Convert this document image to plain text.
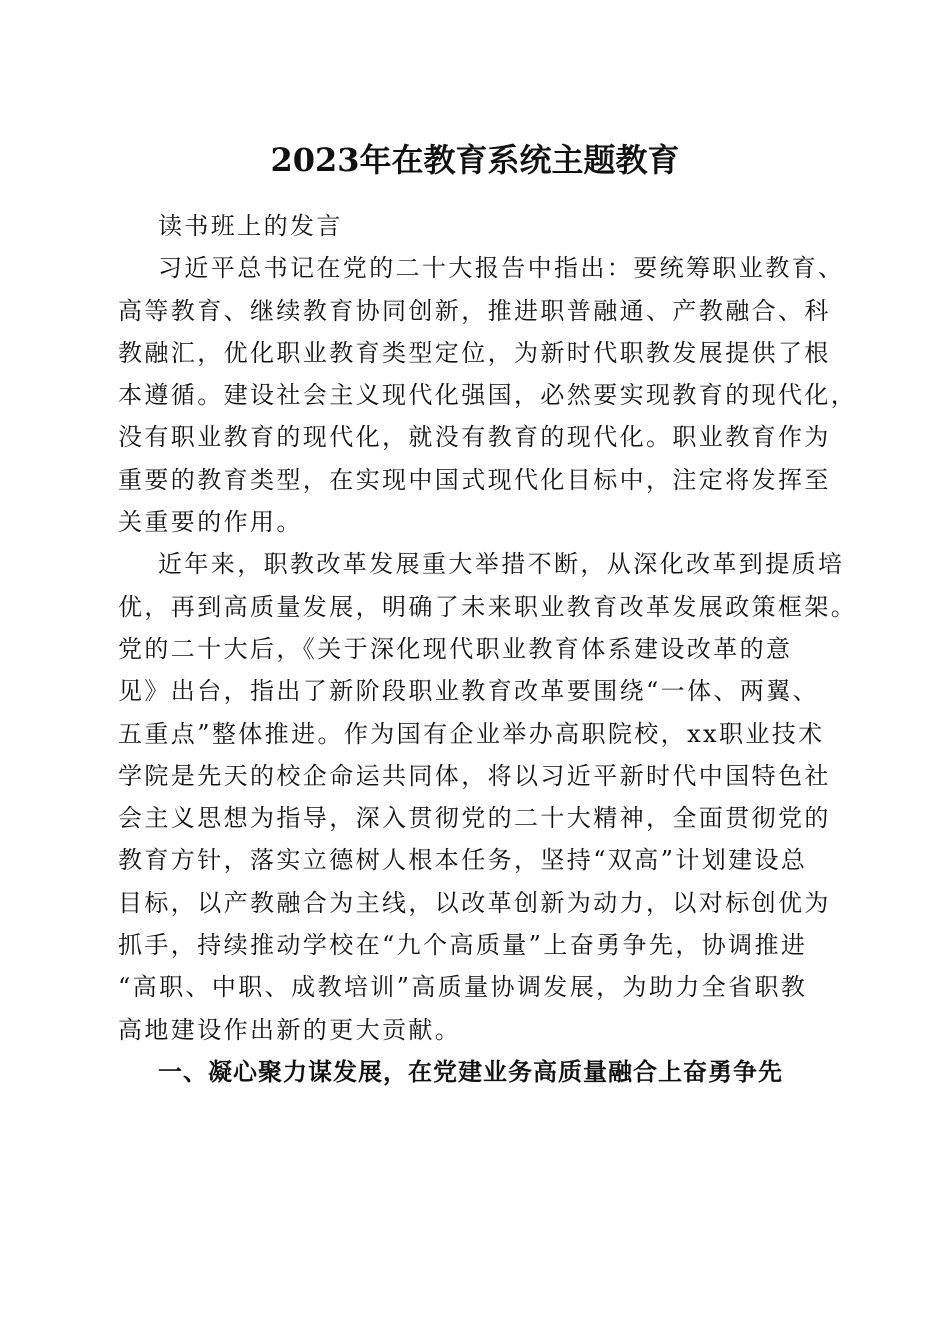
2023年在教育系统主题教育
读书班上的发言
习近平总书记在党的二十大报告中指出：要统筹职业教育、
高等教育、继续教育协同创新，推进职普融通、产教融合、科
教融汇，优化职业教育类型定位，为新时代职教发展提供了根
本遵循。建设社会主义现代化强国，必然要实现教育的现代化，
没有职业教育的现代化，就没有教育的现代化。职业教育作为
重要的教育类型，在实现中国式现代化目标中，注定将发挥至
关重要的作用。
近年来，职教改革发展重大举措不断，从深化改革到提质培
优，再到高质量发展，明确了未来职业教育改革发展政策框架。
党的二十大后，《关于深化现代职业教育体系建设改革的意
见》出台，指出了新阶段职业教育改革要围绕“一体、两翼、
五重点”整体推进。作为国有企业举办高职院校，xx职业技术
学院是先天的校企命运共同体，将以习近平新时代中国特色社
会主义思想为指导，深入贯彻党的二十大精神，全面贯彻党的
教育方针，落实立德树人根本任务，坚持“双高”计划建设总
目标，以产教融合为主线，以改革创新为动力，以对标创优为
抓手，持续推动学校在“九个高质量”上奋勇争先，协调推进
“高职、中职、成教培训”高质量协调发展，为助力全省职教
高地建设作出新的更大贡献。
一、凝心聚力谋发展，在党建业务高质量融合上奋勇争先
